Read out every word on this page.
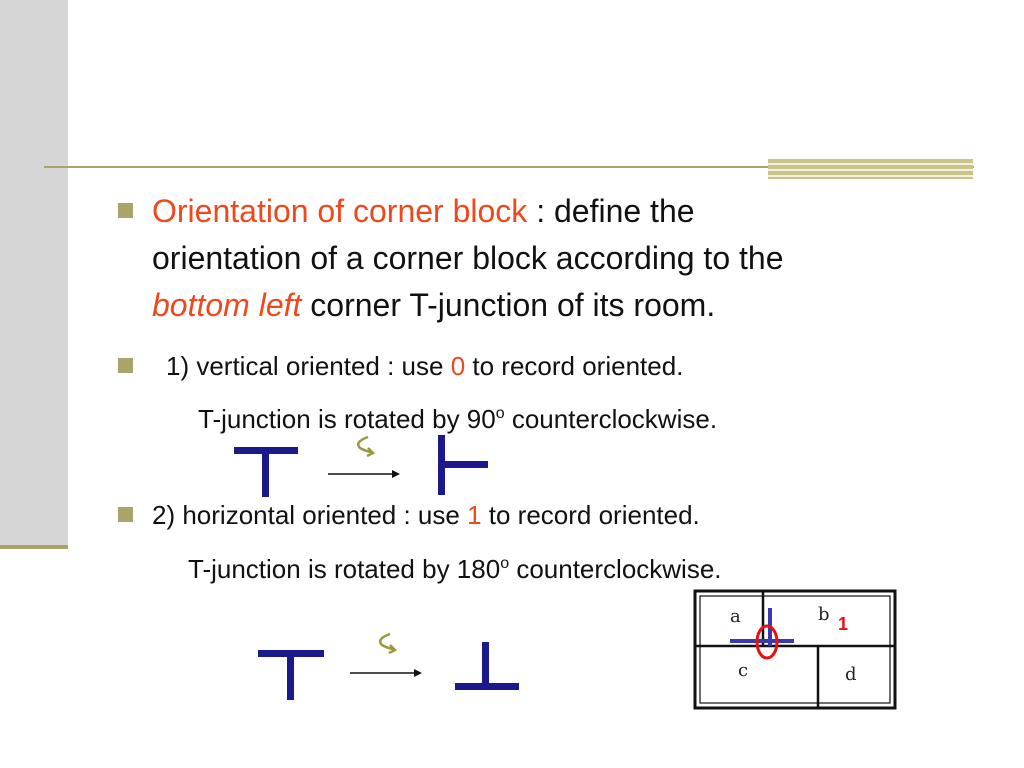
Orientation of corner block : define the
orientation of a corner block according to the
bottom left corner T-junction of its room.
1) vertical oriented : use 0 to record oriented.
T-junction is rotated by 90$^o$ counterclockwise.
2) horizontal oriented : use 1 to record oriented.
T-junction is rotated by 180$^o$ counterclockwise.
a	b
c	d
1
